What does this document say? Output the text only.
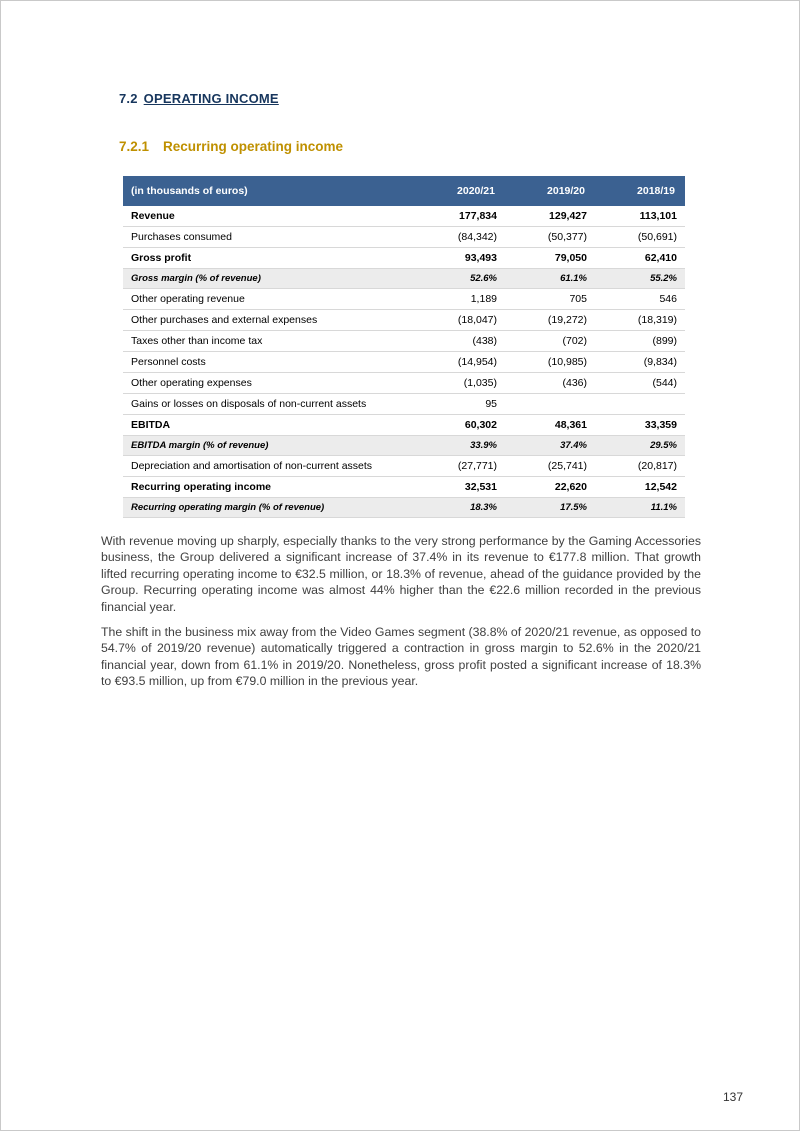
7.2 OPERATING INCOME
7.2.1 Recurring operating income
(in thousands of euros)	2020/21	2019/20	2018/19
Revenue	177,834	129,427	113,101
Purchases consumed	(84,342)	(50,377)	(50,691)
Gross profit	93,493	79,050	62,410
Gross margin (% of revenue)	52.6%	61.1%	55.2%
Other operating revenue	1,189	705	546
Other purchases and external expenses	(18,047)	(19,272)	(18,319)
Taxes other than income tax	(438)	(702)	(899)
Personnel costs	(14,954)	(10,985)	(9,834)
Other operating expenses	(1,035)	(436)	(544)
Gains or losses on disposals of non-current assets	95		
EBITDA	60,302	48,361	33,359
EBITDA margin (% of revenue)	33.9%	37.4%	29.5%
Depreciation and amortisation of non-current assets	(27,771)	(25,741)	(20,817)
Recurring operating income	32,531	22,620	12,542
Recurring operating margin (% of revenue)	18.3%	17.5%	11.1%

With revenue moving up sharply, especially thanks to the very strong performance by the Gaming Accessories business, the Group delivered a significant increase of 37.4% in its revenue to €177.8 million. That growth lifted recurring operating income to €32.5 million, or 18.3% of revenue, ahead of the guidance provided by the Group. Recurring operating income was almost 44% higher than the €22.6 million recorded in the previous financial year.

The shift in the business mix away from the Video Games segment (38.8% of 2020/21 revenue, as opposed to 54.7% of 2019/20 revenue) automatically triggered a contraction in gross margin to 52.6% in the 2020/21 financial year, down from 61.1% in 2019/20. Nonetheless, gross profit posted a significant increase of 18.3% to €93.5 million, up from €79.0 million in the previous year.

137
